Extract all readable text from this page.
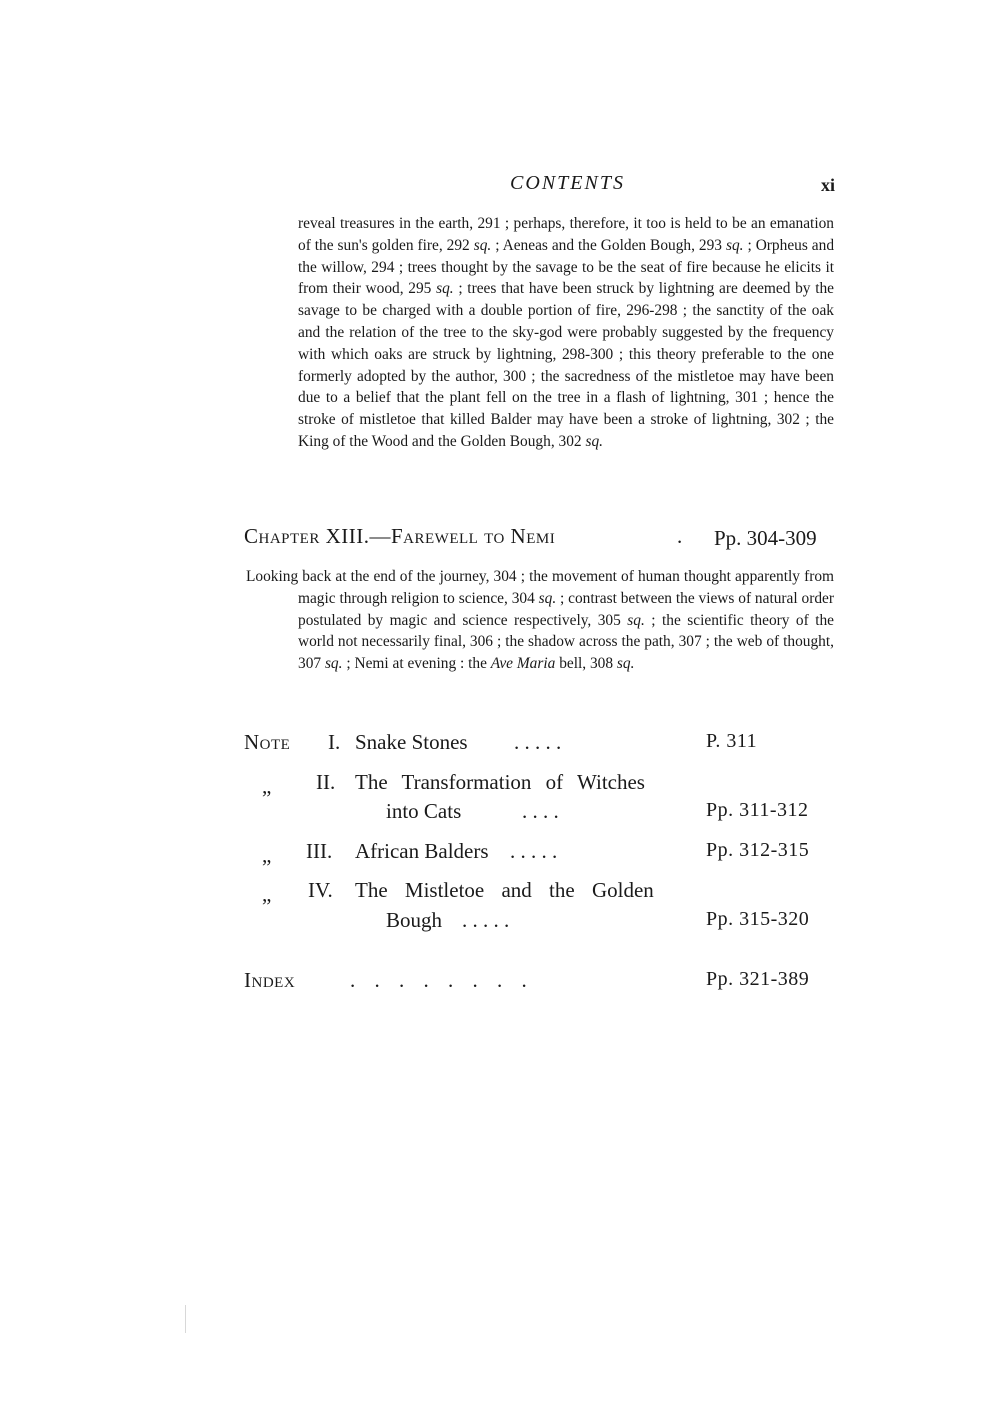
CONTENTS	xi

reveal treasures in the earth, 291 ; perhaps, therefore, it too is held to be an emanation of the sun's golden fire, 292 sq. ; Aeneas and the Golden Bough, 293 sq. ; Orpheus and the willow, 294 ; trees thought by the savage to be the seat of fire because he elicits it from their wood, 295 sq. ; trees that have been struck by lightning are deemed by the savage to be charged with a double portion of fire, 296-298 ; the sanctity of the oak and the relation of the tree to the sky-god were probably suggested by the frequency with which oaks are struck by lightning, 298-300 ; this theory preferable to the one formerly adopted by the author, 300 ; the sacredness of the mistletoe may have been due to a belief that the plant fell on the tree in a flash of lightning, 301 ; hence the stroke of mistletoe that killed Balder may have been a stroke of lightning, 302 ; the King of the Wood and the Golden Bough, 302 sq.

Chapter XIII.—Farewell to Nemi	. Pp. 304-309

Looking back at the end of the journey, 304 ; the movement of human thought apparently from magic through religion to science, 304 sq. ; contrast between the views of natural order postulated by magic and science respectively, 305 sq. ; the scientific theory of the world not necessarily final, 306 ; the shadow across the path, 307 ; the web of thought, 307 sq. ; Nemi at evening : the Ave Maria bell, 308 sq.

Note I. Snake Stones . . . . .	P. 311
„ II. The Transformation of Witches
into Cats	. . . .	Pp. 311-312
„ III. African Balders . . . . .	Pp. 312-315
„ IV. The Mistletoe and the Golden
Bough . . . . .	Pp. 315-320
Index	. . . . . . . .	Pp. 321-389
